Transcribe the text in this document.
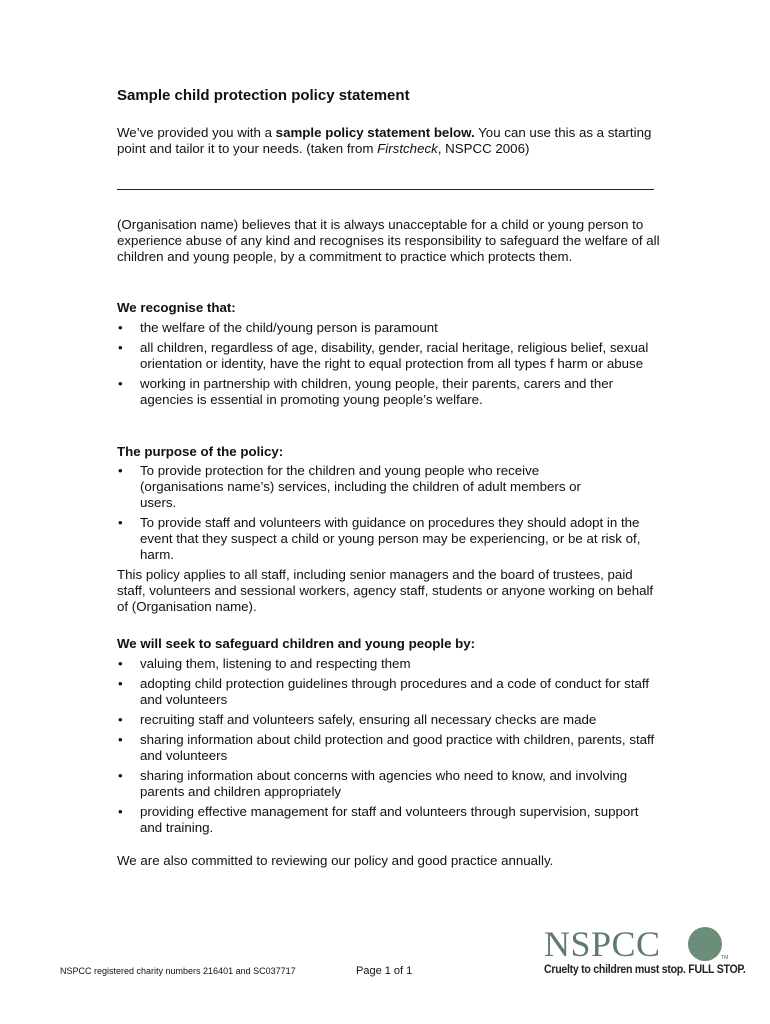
Sample child protection policy statement
We’ve provided you with a sample policy statement below. You can use this as a starting point and tailor it to your needs. (taken from Firstcheck, NSPCC 2006)
(Organisation name) believes that it is always unacceptable for a child or young person to experience abuse of any kind and recognises its responsibility to safeguard the welfare of all children and young people, by a commitment to practice which protects them.
We recognise that:
• the welfare of the child/young person is paramount
• all children, regardless of age, disability, gender, racial heritage, religious belief, sexual orientation or identity, have the right to equal protection from all types f harm or abuse
• working in partnership with children, young people, their parents, carers and ther agencies is essential in promoting young people’s welfare.
The purpose of the policy:
• To provide protection for the children and young people who receive (organisations name’s) services, including the children of adult members or users.
• To provide staff and volunteers with guidance on procedures they should adopt in the event that they suspect a child or young person may be experiencing, or be at risk of, harm.
This policy applies to all staff, including senior managers and the board of trustees, paid staff, volunteers and sessional workers, agency staff, students or anyone working on behalf of (Organisation name).
We will seek to safeguard children and young people by:
• valuing them, listening to and respecting them
• adopting child protection guidelines through procedures and a code of conduct for staff and volunteers
• recruiting staff and volunteers safely, ensuring all necessary checks are made
• sharing information about child protection and good practice with children, parents, staff and volunteers
• sharing information about concerns with agencies who need to know, and involving parents and children appropriately
• providing effective management for staff and volunteers through supervision, support and training.
We are also committed to reviewing our policy and good practice annually.
NSPCC registered charity numbers 216401 and SC037717	Page 1 of 1
NSPCC	TM
Cruelty to children must stop. FULL STOP.
